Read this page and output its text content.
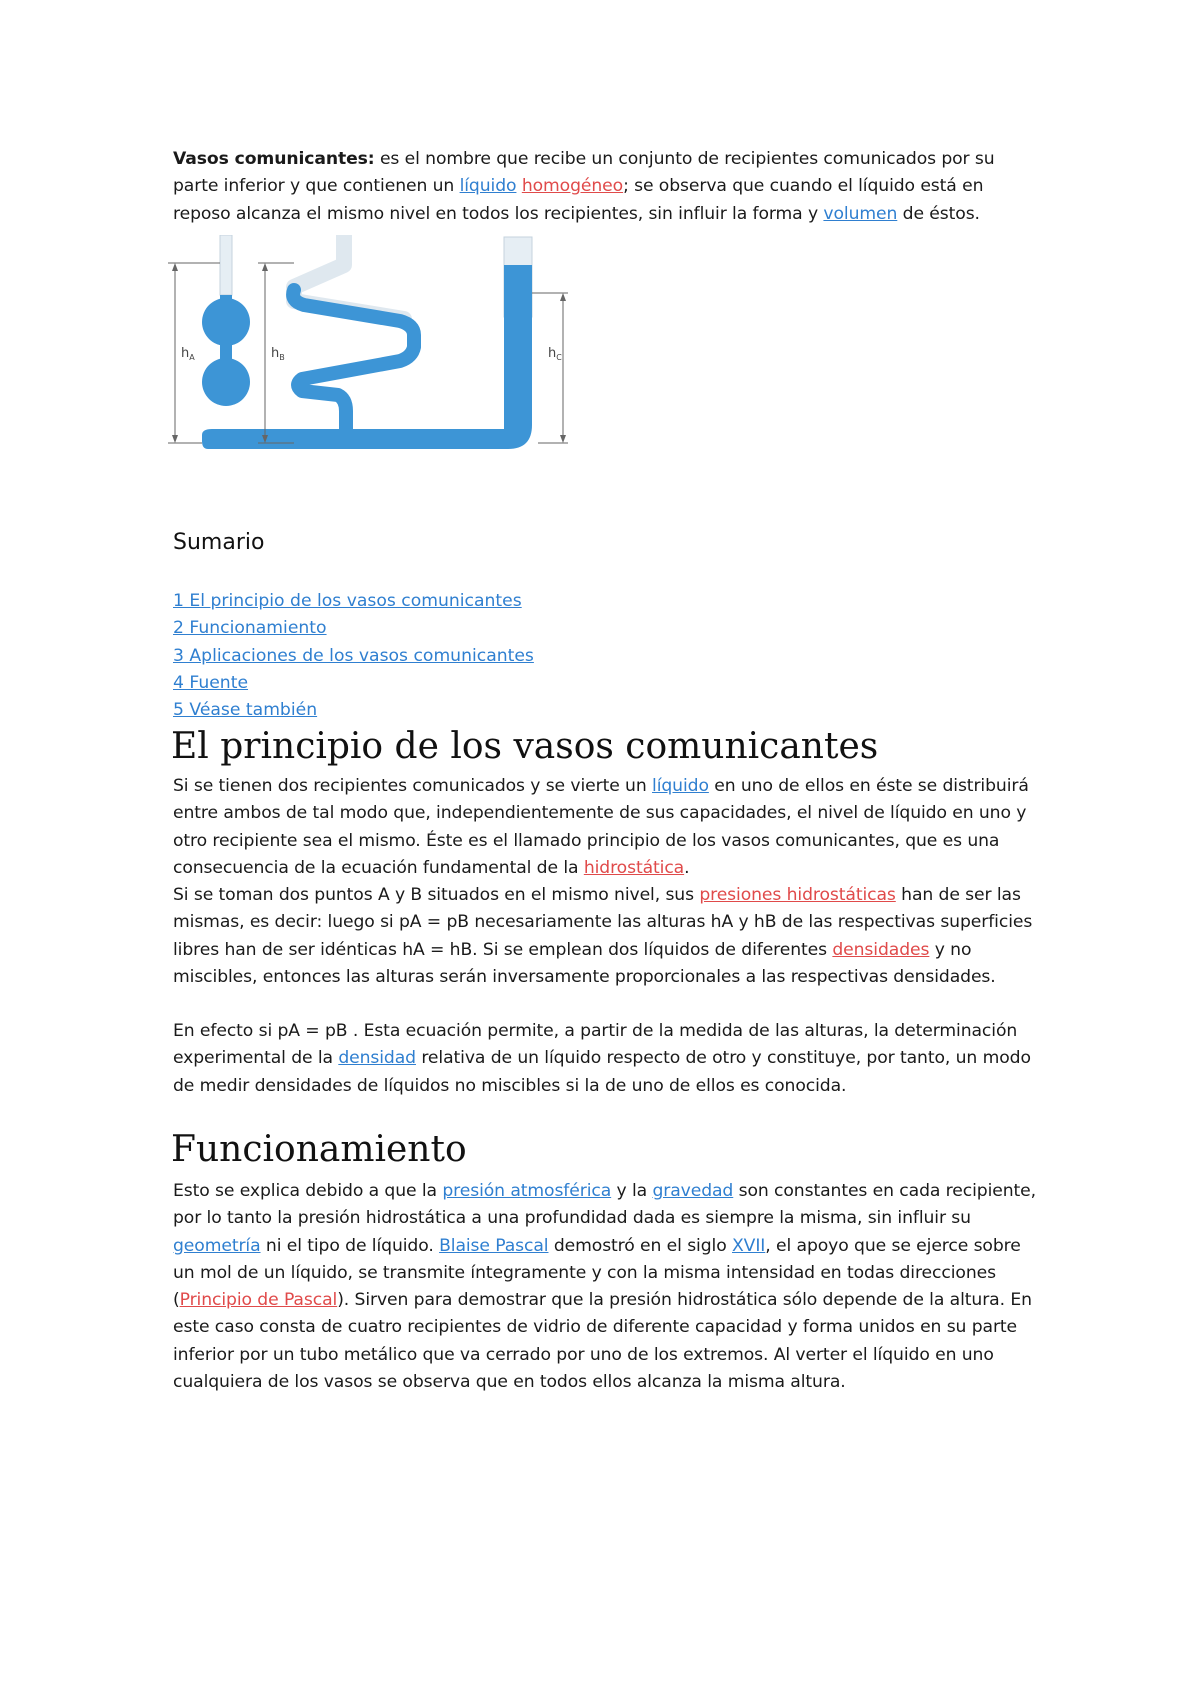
Vasos comunicantes: es el nombre que recibe un conjunto de recipientes comunicados por su parte inferior y que contienen un líquido homogéneo; se observa que cuando el líquido está en reposo alcanza el mismo nivel en todos los recipientes, sin influir la forma y volumen de éstos.

$h_A$	$h_B$	$h_C$
Sumario
1 El principio de los vasos comunicantes
2 Funcionamiento
3 Aplicaciones de los vasos comunicantes
4 Fuente
5 Véase también
El principio de los vasos comunicantes

Si se tienen dos recipientes comunicados y se vierte un líquido en uno de ellos en éste se distribuirá entre ambos de tal modo que, independientemente de sus capacidades, el nivel de líquido en uno y otro recipiente sea el mismo. Éste es el llamado principio de los vasos comunicantes, que es una consecuencia de la ecuación fundamental de la hidrostática.

Si se toman dos puntos A y B situados en el mismo nivel, sus presiones hidrostáticas han de ser las mismas, es decir: luego si pA = pB necesariamente las alturas hA y hB de las respectivas superficies libres han de ser idénticas hA = hB. Si se emplean dos líquidos de diferentes densidades y no miscibles, entonces las alturas serán inversamente proporcionales a las respectivas densidades.

En efecto si pA = pB . Esta ecuación permite, a partir de la medida de las alturas, la determinación experimental de la densidad relativa de un líquido respecto de otro y constituye, por tanto, un modo de medir densidades de líquidos no miscibles si la de uno de ellos es conocida.

Funcionamiento

Esto se explica debido a que la presión atmosférica y la gravedad son constantes en cada recipiente, por lo tanto la presión hidrostática a una profundidad dada es siempre la misma, sin influir su geometría ni el tipo de líquido. Blaise Pascal demostró en el siglo XVII, el apoyo que se ejerce sobre un mol de un líquido, se transmite íntegramente y con la misma intensidad en todas direcciones (Principio de Pascal). Sirven para demostrar que la presión hidrostática sólo depende de la altura. En este caso consta de cuatro recipientes de vidrio de diferente capacidad y forma unidos en su parte inferior por un tubo metálico que va cerrado por uno de los extremos. Al verter el líquido en uno cualquiera de los vasos se observa que en todos ellos alcanza la misma altura.
